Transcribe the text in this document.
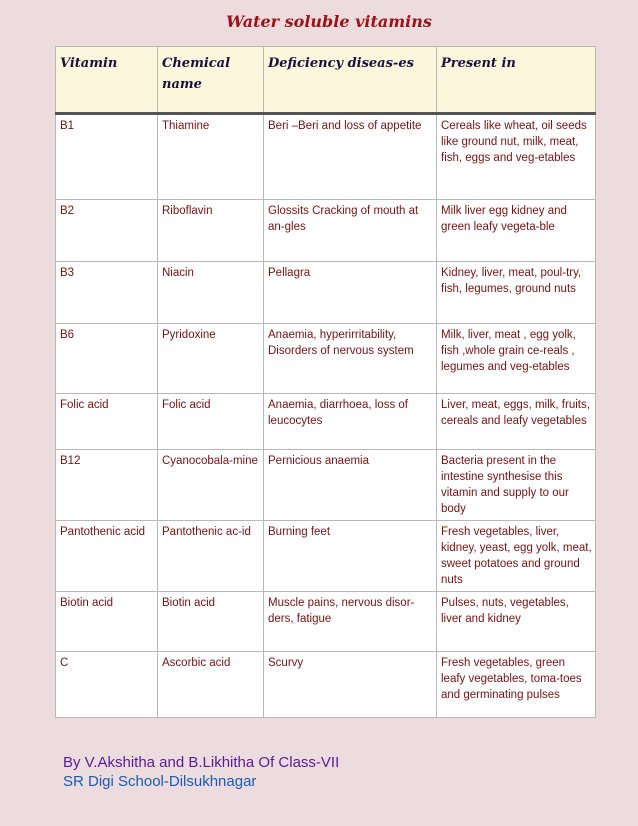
Water soluble vitamins
Vitamin	Chemical name	Deficiency diseas-es	Present in
B1	Thiamine	Beri –Beri and loss of appetite	Cereals like wheat, oil seeds like ground nut, milk, meat, fish, eggs and veg-etables
B2	Riboflavin	Glossits Cracking of mouth at an-gles	Milk liver egg kidney and green leafy vegeta-ble
B3	Niacin	Pellagra	Kidney, liver, meat, poul-try, fish, legumes, ground nuts
B6	Pyridoxine	Anaemia, hyperirritability, Disorders of nervous system	Milk, liver, meat , egg yolk, fish ,whole grain ce-reals , legumes and veg-etables
Folic acid	Folic acid	Anaemia, diarrhoea, loss of leucocytes	Liver, meat, eggs, milk, fruits, cereals and leafy vegetables
B12	Cyanocobala-mine	Pernicious anaemia	Bacteria present in the intestine synthesise this vitamin and supply to our body
Pantothenic acid	Pantothenic ac-id	Burning feet	Fresh vegetables, liver, kidney, yeast, egg yolk, meat, sweet potatoes and ground nuts
Biotin acid	Biotin acid	Muscle pains, nervous disor-ders, fatigue	Pulses, nuts, vegetables, liver and kidney
C	Ascorbic acid	Scurvy	Fresh vegetables, green leafy vegetables, toma-toes and germinating pulses
By V.Akshitha and B.Likhitha Of Class-VII
SR Digi School-Dilsukhnagar
